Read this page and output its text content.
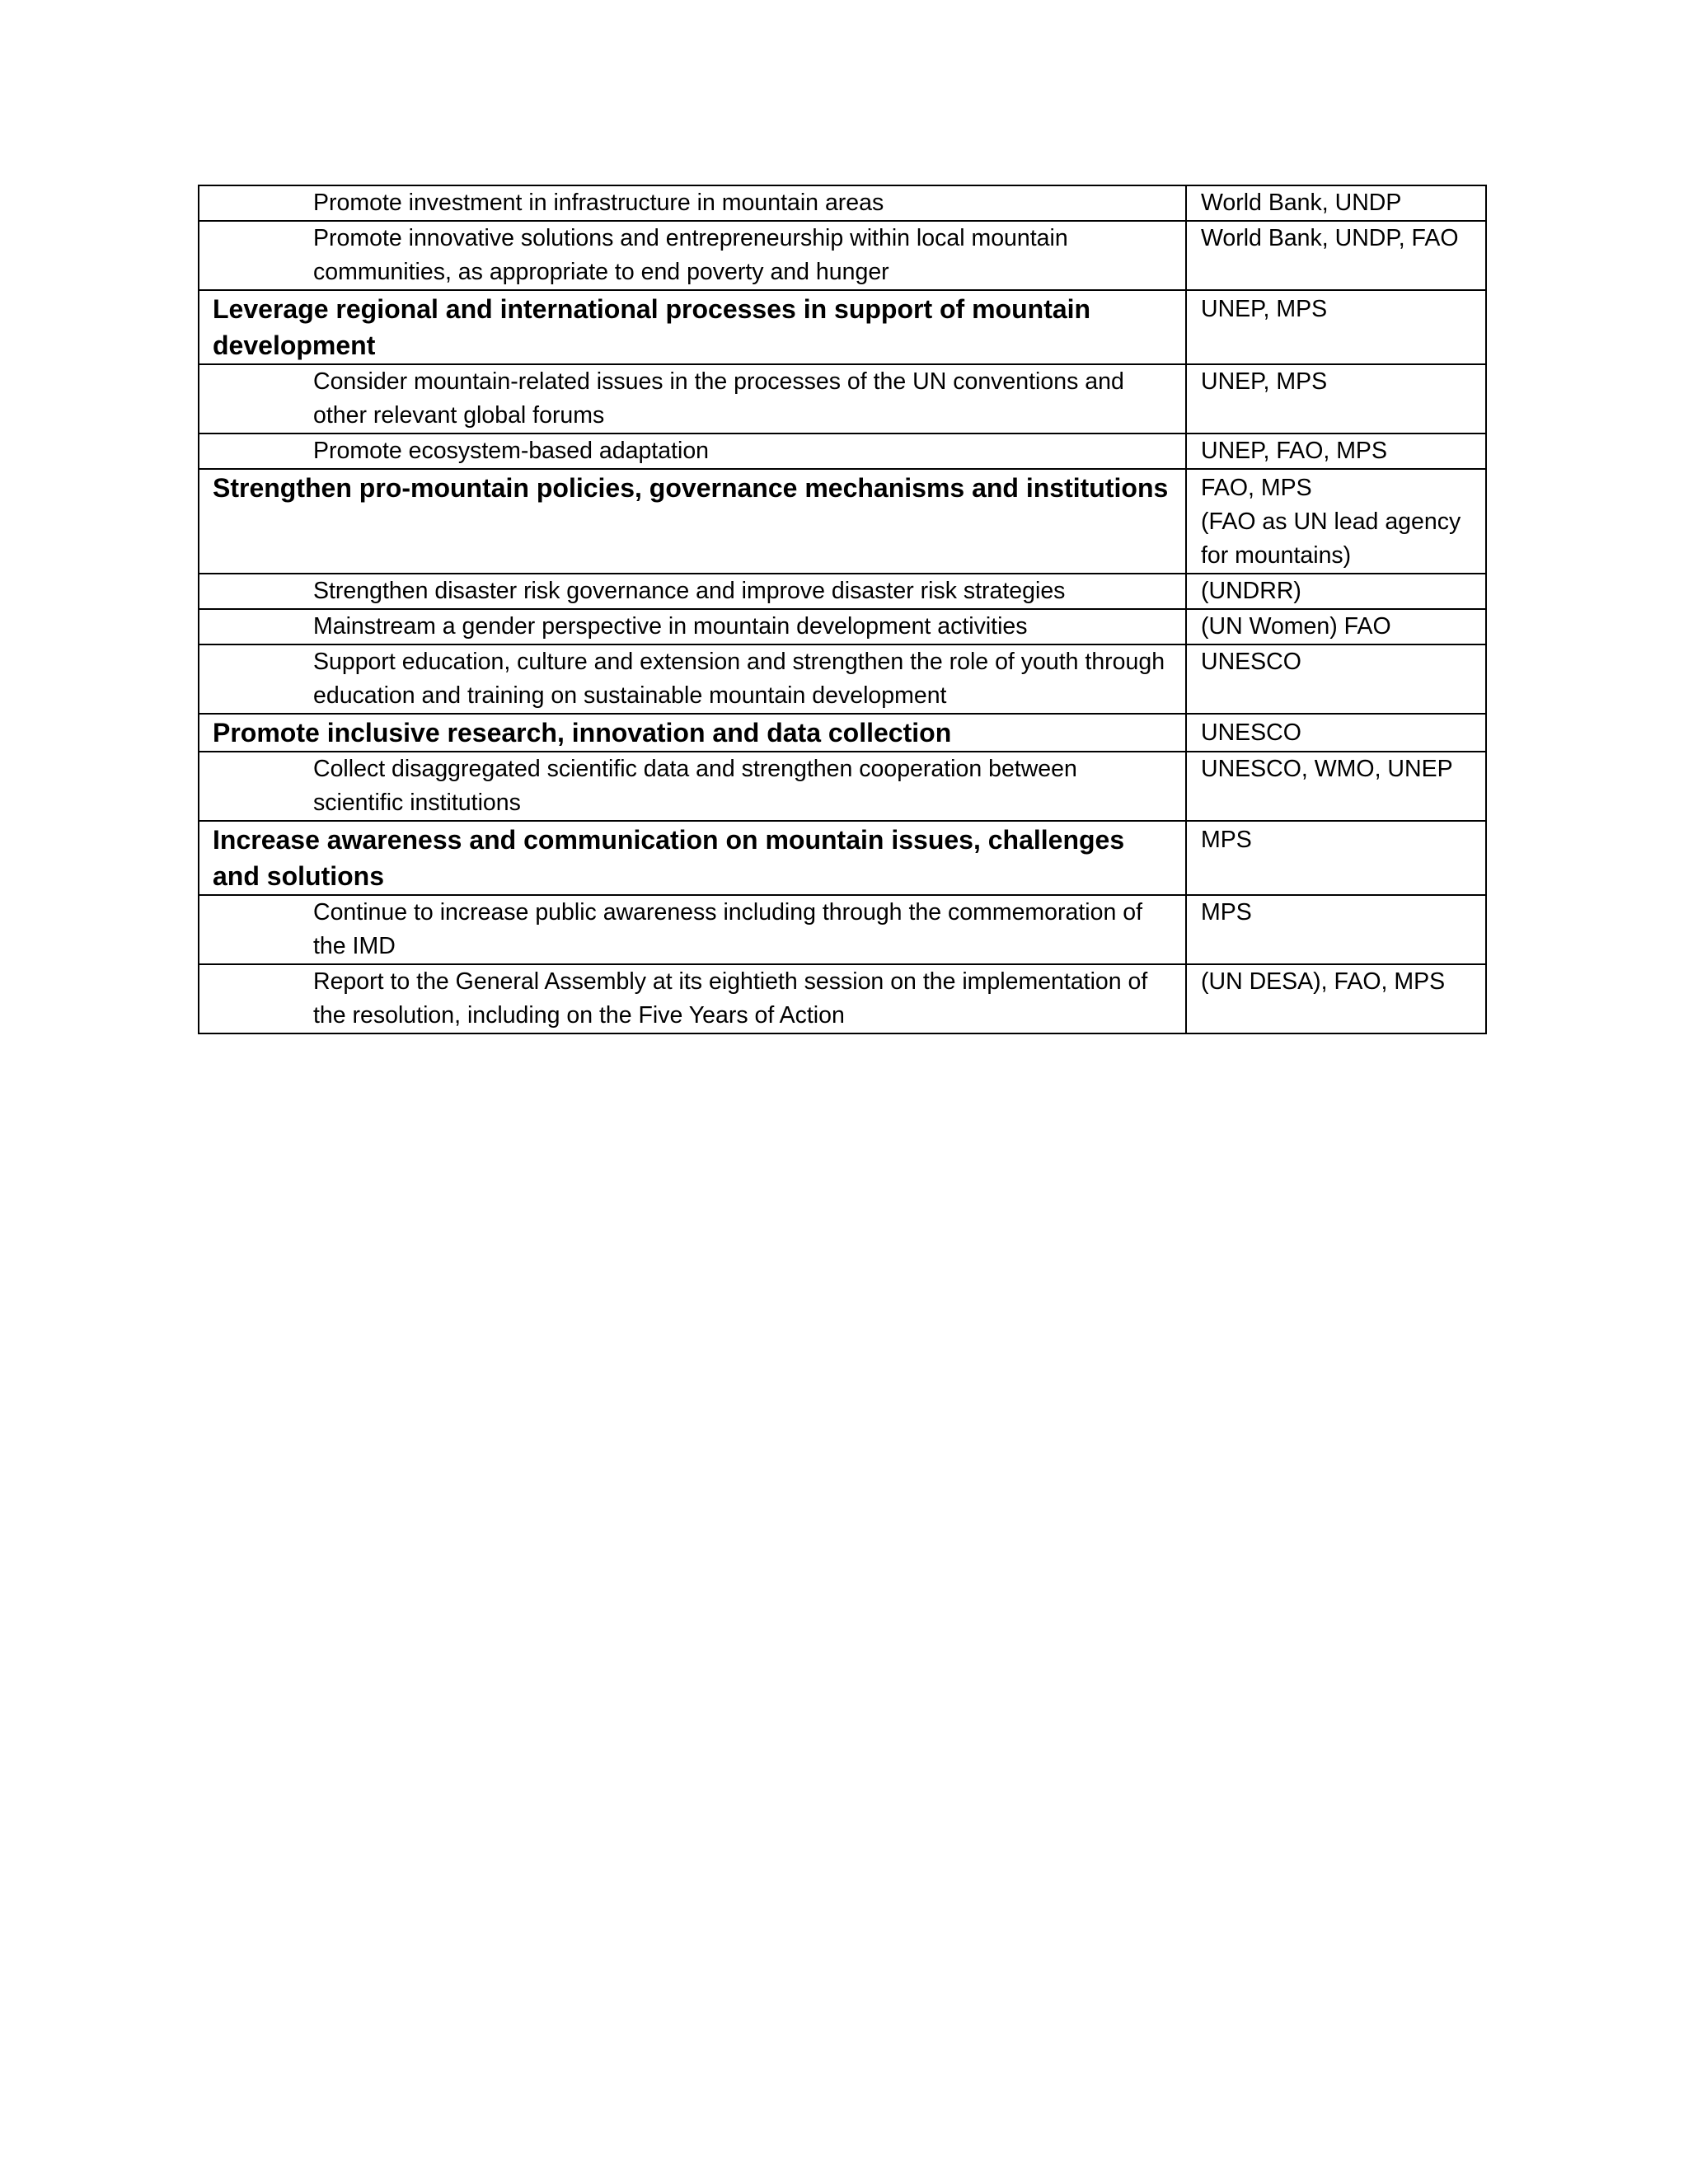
Promote investment in infrastructure in mountain areas	World Bank, UNDP

Promote innovative solutions and entrepreneurship within local mountain communities, as appropriate to end poverty and hunger	World Bank, UNDP, FAO

Leverage regional and international processes in support of mountain development	UNEP, MPS

Consider mountain-related issues in the processes of the UN conventions and other relevant global forums	UNEP, MPS

Promote ecosystem-based adaptation	UNEP, FAO, MPS

Strengthen pro-mountain policies, governance mechanisms and institutions	FAO, MPS
(FAO as UN lead agency
for mountains)

Strengthen disaster risk governance and improve disaster risk strategies	(UNDRR)

Mainstream a gender perspective in mountain development activities	(UN Women) FAO

Support education, culture and extension and strengthen the role of youth through education and training on sustainable mountain development	UNESCO

Promote inclusive research, innovation and data collection	UNESCO

Collect disaggregated scientific data and strengthen cooperation between scientific institutions	UNESCO, WMO, UNEP

Increase awareness and communication on mountain issues, challenges and solutions	MPS

Continue to increase public awareness including through the commemoration of the IMD	MPS

Report to the General Assembly at its eightieth session on the implementation of the resolution, including on the Five Years of Action	(UN DESA), FAO, MPS
